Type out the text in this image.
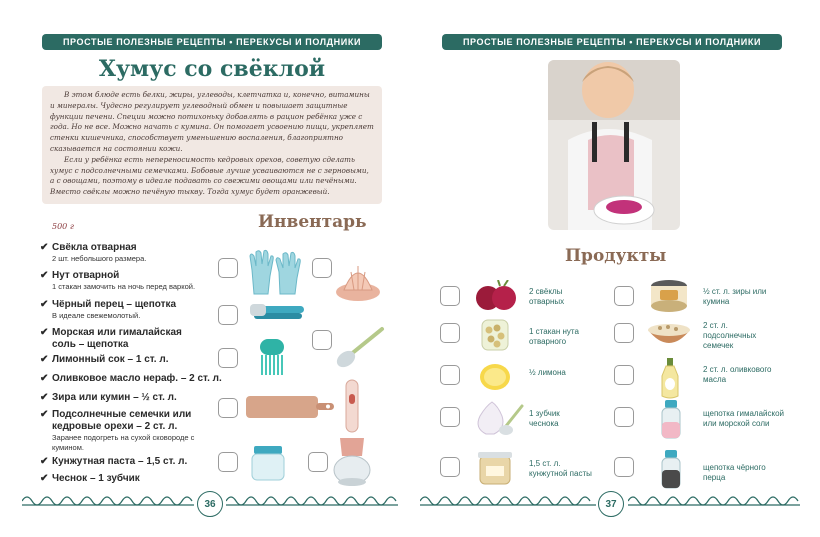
ПРОСТЫЕ ПОЛЕЗНЫЕ РЕЦЕПТЫ • ПЕРЕКУСЫ И ПОЛДНИКИ
Хумус со свёклой

В этом блюде есть белки, жиры, углеводы, клетчатка и, конечно, витамины и минералы. Чудесно регулирует углеводный обмен и повышает защитные функции печени. Специи можно потихоньку добавлять в рацион ребёнка уже с года. Но не все. Можно начать с кумина. Он помогает усвоению пищи, укрепляет стенки кишечника, способствует уменьшению воспаления, благоприятно сказывается на состоянии кожи.

Если у ребёнка есть непереносимость кедровых орехов, советую сделать хумус с подсолнечными семечками. Бобовые лучше усваиваются не с зерновыми, а с овощами, поэтому в идеале подавать со свежими овощами или печёными. Вместо свёклы можно печёную тыкву. Тогда хумус будет оранжевый.

500 г	Инвентарь
✔ Свёкла отварная
2 шт. небольшого размера.
✔ Нут отварной
1 стакан замочить на ночь перед варкой.
✔ Чёрный перец – щепотка
В идеале свежемолотый.
✔ Морская или гималайская соль – щепотка
✔ Лимонный сок – 1 ст. л.
✔ Оливковое масло нераф. – 2 ст. л.
✔ Зира или кумин – ½ ст. л.
✔ Подсолнечные семечки или кедровые орехи – 2 ст. л.
Заранее подогреть на сухой сковороде с кумином.
✔ Кунжутная паста – 1,5 ст. л.
✔ Чеснок – 1 зубчик
36
ПРОСТЫЕ ПОЛЕЗНЫЕ РЕЦЕПТЫ • ПЕРЕКУСЫ И ПОЛДНИКИ
Продукты
2 свёклы отварных
1 стакан нута отварного
½ лимона
1 зубчик чеснока
1,5 ст. л. кунжутной пасты
½ ст. л. зиры или кумина
2 ст. л. подсолнечных семечек
2 ст. л. оливкового масла
щепотка гималайской или морской соли
щепотка чёрного перца
37
